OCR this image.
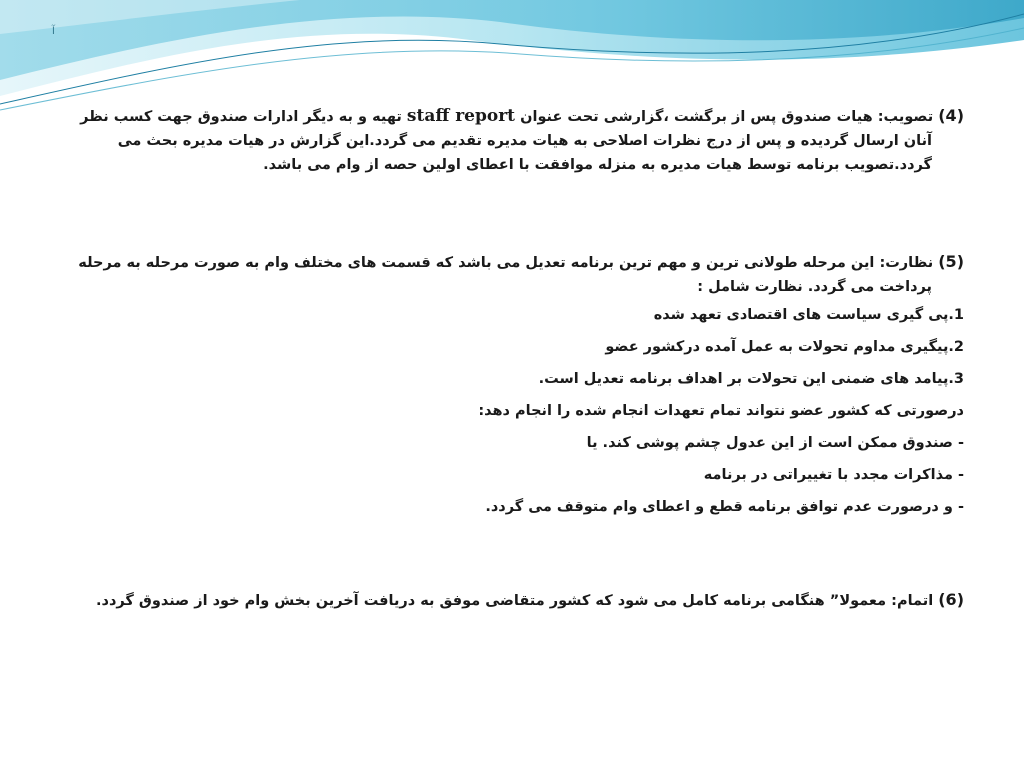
آ

(4) تصویب: هیات صندوق پس از برگشت ،گزارشی تحت عنوان staff report تهیه و به دیگر ادارات صندوق جهت کسب نظر آنان ارسال گردیده و پس از درج نظرات اصلاحی به هیات مدیره تقدیم می گردد.این گزارش در هیات مدیره بحث می گردد.تصویب برنامه توسط هیات مدیره به منزله موافقت با اعطای اولین حصه از وام می باشد.

(5) نظارت: این مرحله طولانی ترین و مهم ترین برنامه تعدیل می باشد که قسمت های مختلف وام به صورت مرحله به مرحله پرداخت می گردد. نظارت شامل :

1.پی گیری سیاست های اقتصادی تعهد شده

2.پیگیری مداوم تحولات به عمل آمده درکشور عضو

3.پیامد های ضمنی این تحولات بر اهداف برنامه تعدیل است.

درصورتی که کشور عضو نتواند تمام تعهدات انجام شده را انجام دهد:

- صندوق ممکن است از این عدول چشم پوشی کند. یا

- مذاکرات مجدد با تغییراتی در برنامه

- و درصورت عدم توافق برنامه قطع و اعطای وام متوقف می گردد.

(6) اتمام: معمولا” هنگامی برنامه کامل می شود که کشور متقاضی موفق به دریافت آخرین بخش وام خود از صندوق گردد.
